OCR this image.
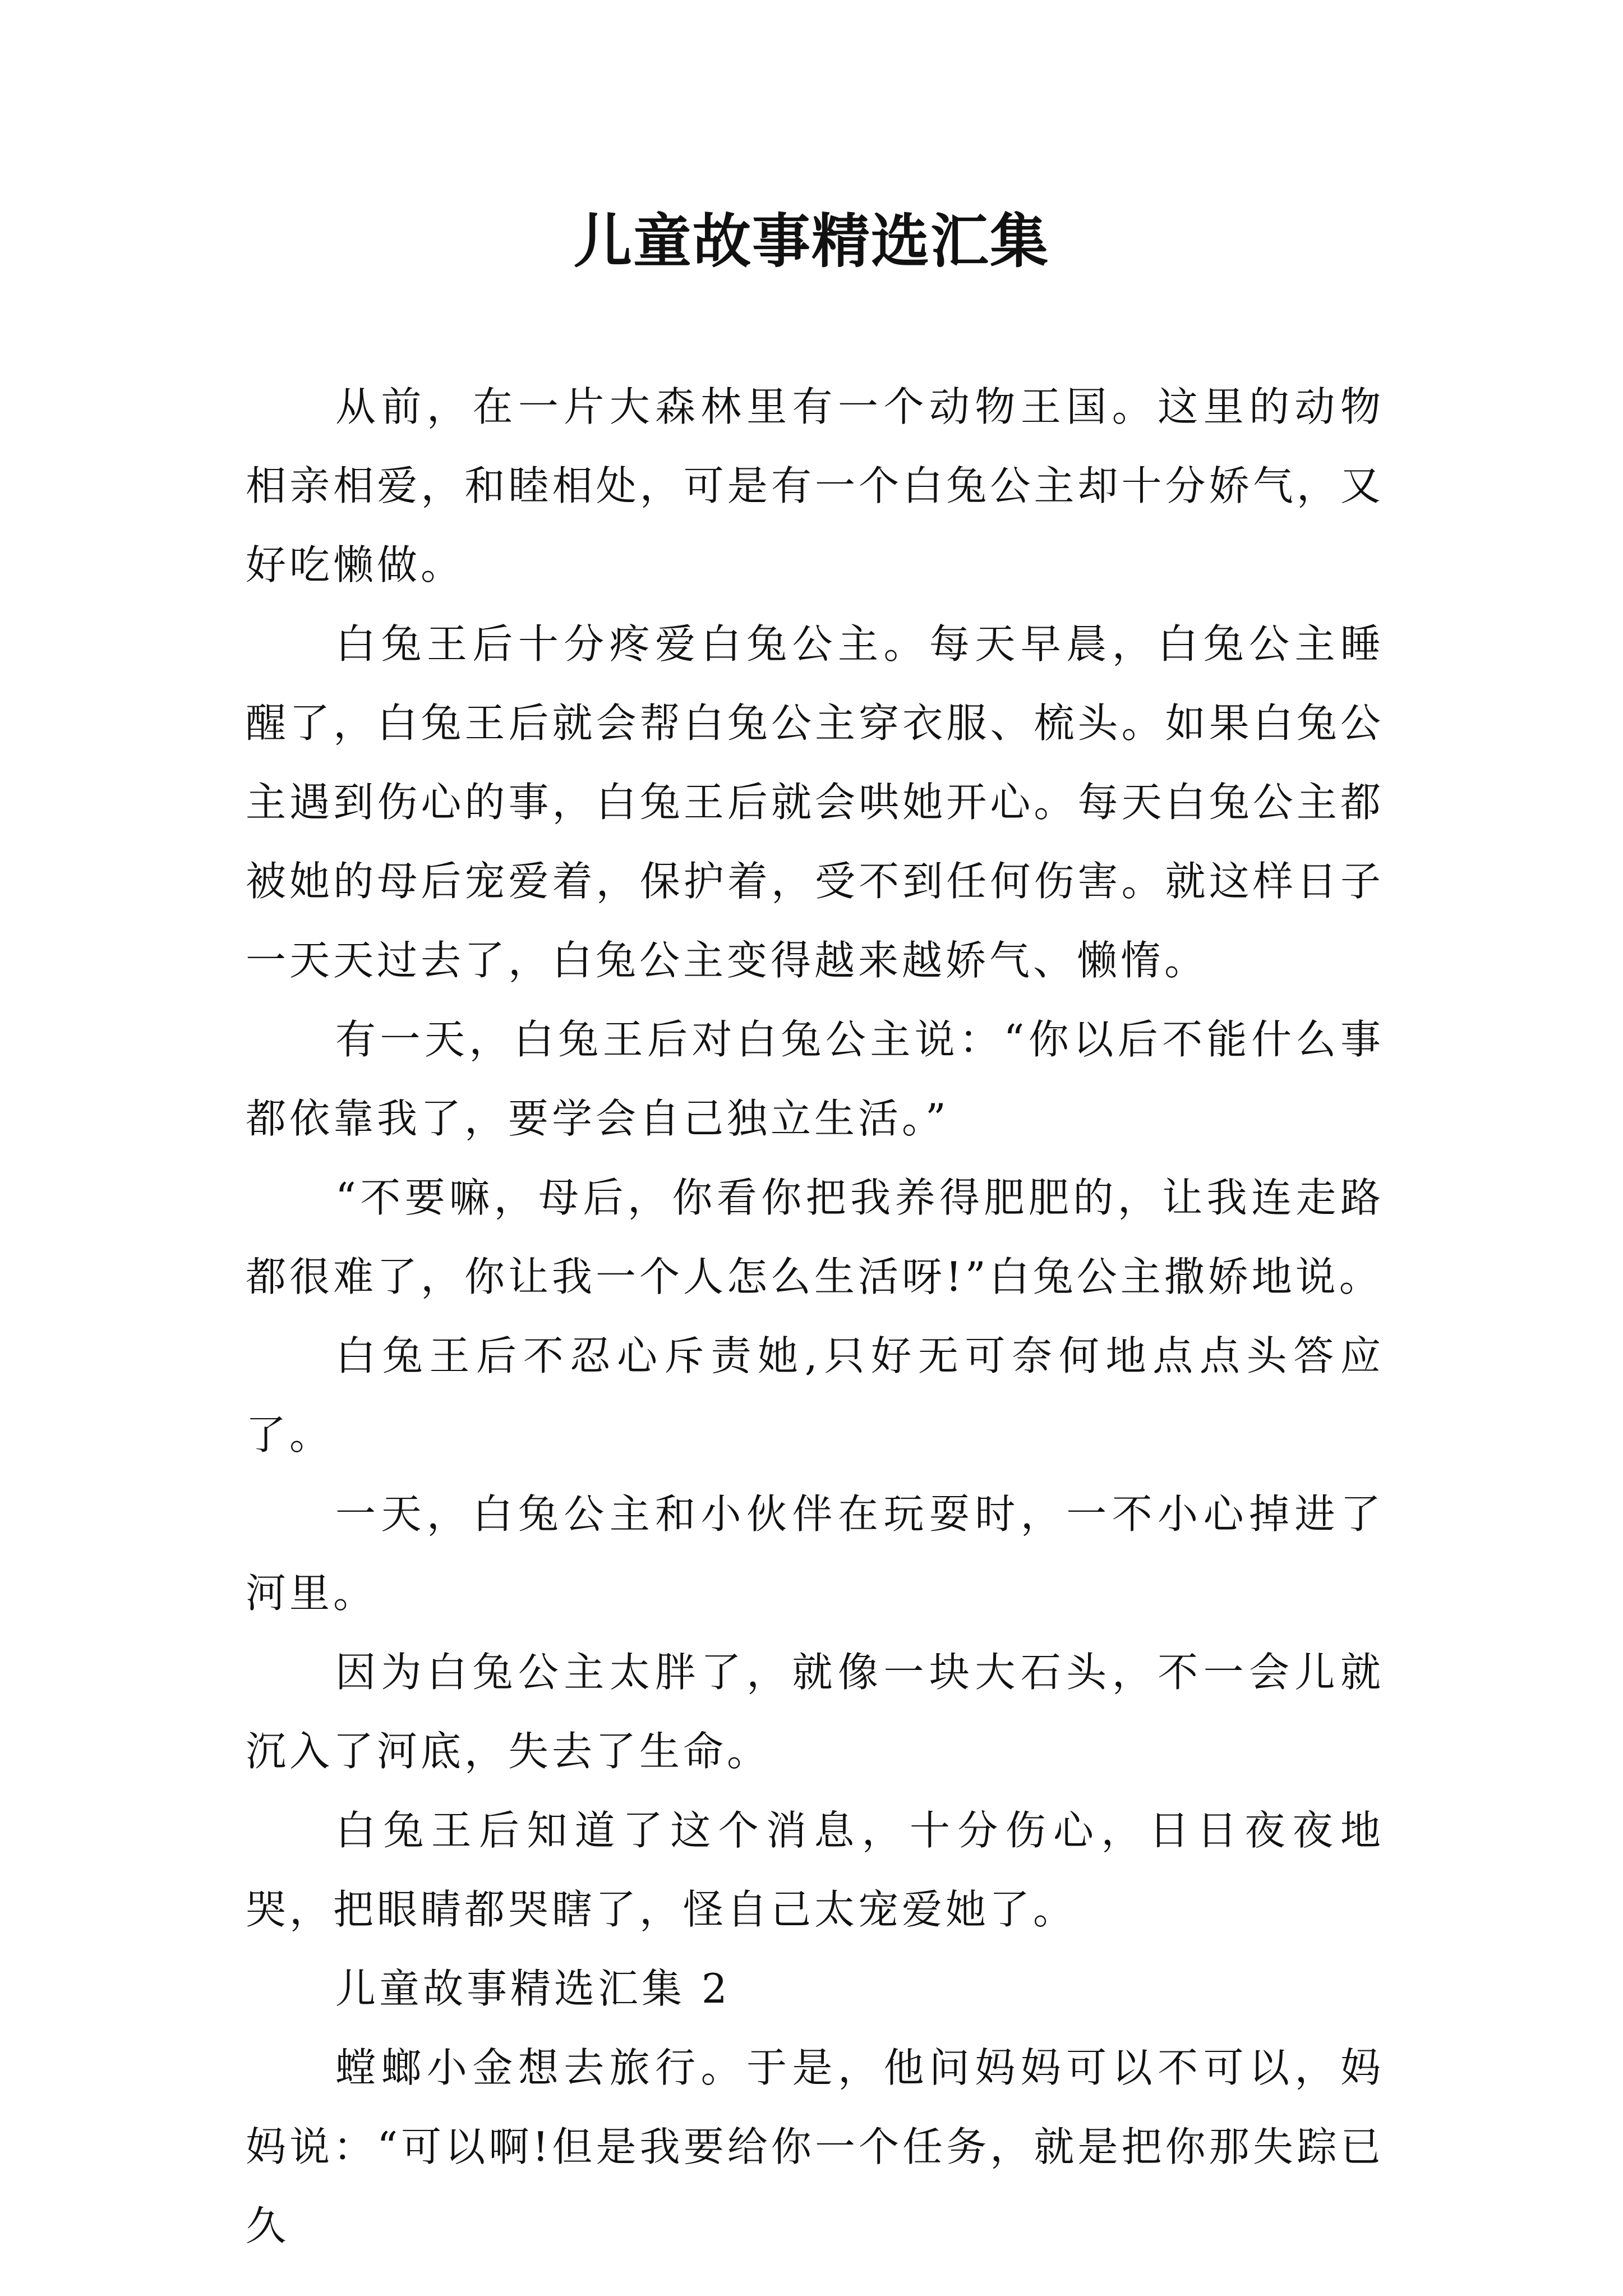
儿童故事精选汇集

从前，在一片大森林里有一个动物王国。这里的动物相亲相爱，和睦相处，可是有一个白兔公主却十分娇气，又好吃懒做。

白兔王后十分疼爱白兔公主。每天早晨，白兔公主睡醒了，白兔王后就会帮白兔公主穿衣服、梳头。如果白兔公主遇到伤心的事，白兔王后就会哄她开心。每天白兔公主都被她的母后宠爱着，保护着，受不到任何伤害。就这样日子一天天过去了，白兔公主变得越来越娇气、懒惰。

有一天，白兔王后对白兔公主说：“你以后不能什么事都依靠我了，要学会自己独立生活。”

“不要嘛，母后，你看你把我养得肥肥的，让我连走路都很难了，你让我一个人怎么生活呀!”白兔公主撒娇地说。

白兔王后不忍心斥责她,只好无可奈何地点点头答应了。

一天，白兔公主和小伙伴在玩耍时，一不小心掉进了河里。

因为白兔公主太胖了，就像一块大石头，不一会儿就沉入了河底，失去了生命。

白兔王后知道了这个消息，十分伤心，日日夜夜地哭，把眼睛都哭瞎了，怪自己太宠爱她了。

儿童故事精选汇集 2

螳螂小金想去旅行。于是，他问妈妈可以不可以，妈妈说：“可以啊!但是我要给你一个任务，就是把你那失踪已久
